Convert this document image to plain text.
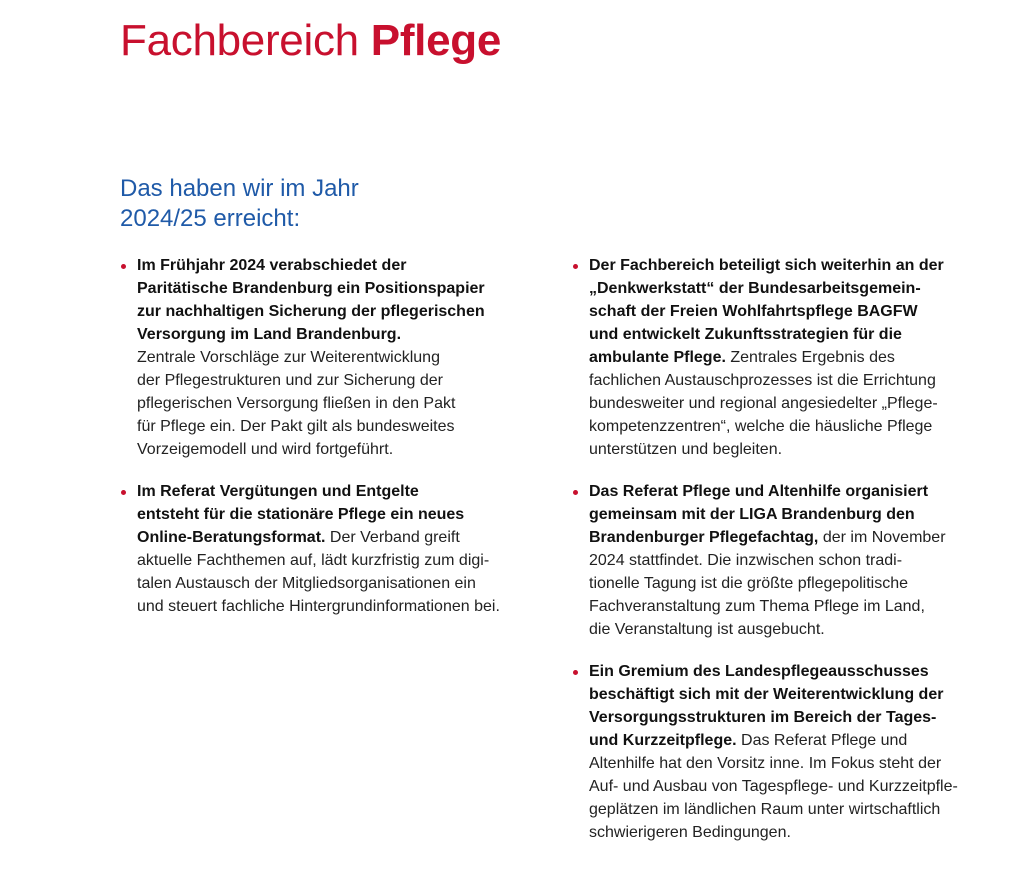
Fachbereich Pflege
Das haben wir im Jahr
2024/25 erreicht:
Im Frühjahr 2024 verabschiedet der
Paritätische Brandenburg ein Positionspapier
zur nachhaltigen Sicherung der pflegerischen
Versorgung im Land Brandenburg.
Zentrale Vorschläge zur Weiterentwicklung
der Pflegestrukturen und zur Sicherung der
pflegerischen Versorgung fließen in den Pakt
für Pflege ein. Der Pakt gilt als bundesweites
Vorzeigemodell und wird fortgeführt.
Im Referat Vergütungen und Entgelte
entsteht für die stationäre Pflege ein neues
Online-Beratungsformat. Der Verband greift
aktuelle Fachthemen auf, lädt kurzfristig zum digi-
talen Austausch der Mitgliedsorganisationen ein
und steuert fachliche Hintergrundinformationen bei.
Der Fachbereich beteiligt sich weiterhin an der
„Denkwerkstatt“ der Bundesarbeitsgemein-
schaft der Freien Wohlfahrtspflege BAGFW
und entwickelt Zukunftsstrategien für die
ambulante Pflege. Zentrales Ergebnis des
fachlichen Austauschprozesses ist die Errichtung
bundesweiter und regional angesiedelter „Pflege-
kompetenzzentren“, welche die häusliche Pflege
unterstützen und begleiten.
Das Referat Pflege und Altenhilfe organisiert
gemeinsam mit der LIGA Brandenburg den
Brandenburger Pflegefachtag, der im November
2024 stattfindet. Die inzwischen schon tradi-
tionelle Tagung ist die größte pflegepolitische
Fachveranstaltung zum Thema Pflege im Land,
die Veranstaltung ist ausgebucht.
Ein Gremium des Landespflegeausschusses
beschäftigt sich mit der Weiterentwicklung der
Versorgungsstrukturen im Bereich der Tages-
und Kurzzeitpflege. Das Referat Pflege und
Altenhilfe hat den Vorsitz inne. Im Fokus steht der
Auf- und Ausbau von Tagespflege- und Kurzzeitpfle-
geplätzen im ländlichen Raum unter wirtschaftlich
schwierigeren Bedingungen.
